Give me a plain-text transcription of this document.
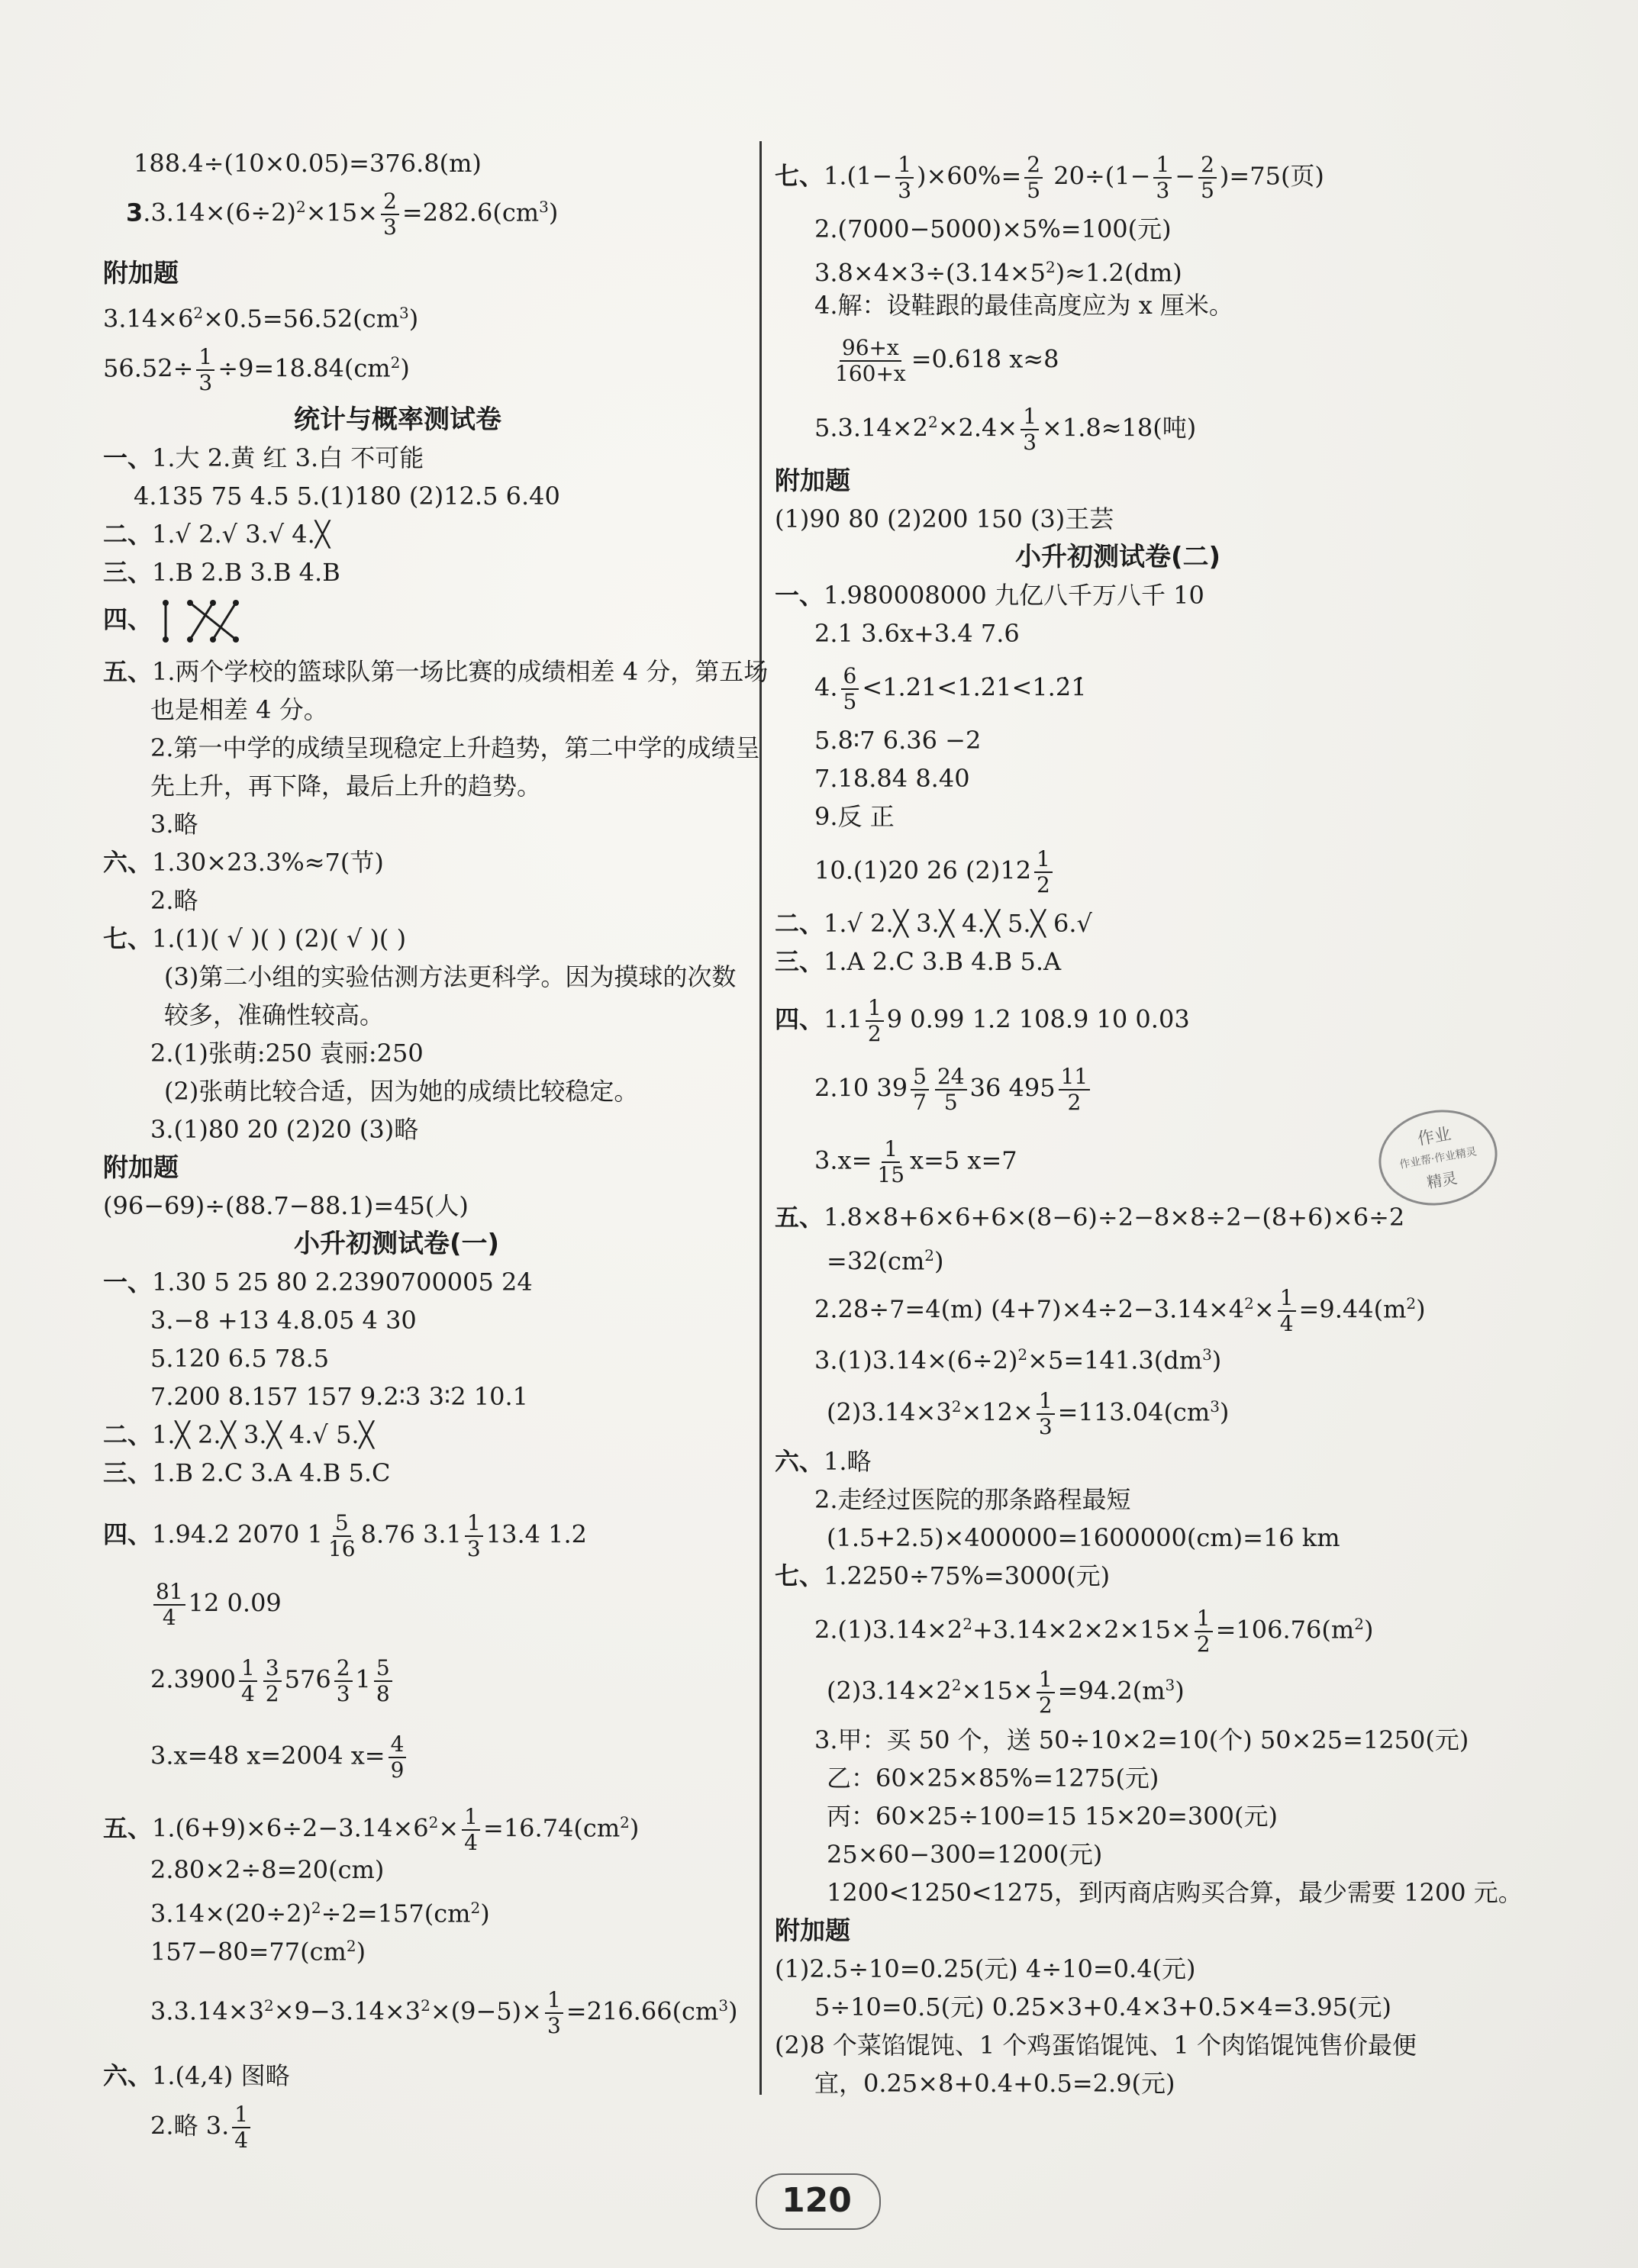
188.4÷(10×0.05)=376.8(m)
$3.3.14\times(6\div 2)^2\times 15\times \frac{2}{3} =282.6(cm^3)$
附加题
$3.14\times 6^2\times 0.5=56.52(cm^3)$
$56.52\div \frac{1}{3} \div 9=18.84(cm^2)$
统计与概率测试卷
一、1.大 2.黄 红 3.白 不可能
4.135 75 4.5 5.(1)180 (2)12.5 6.40
二、1.√ 2.√ 3.√ 4.╳
三、1.B 2.B 3.B 4.B
四、
五、1.两个学校的篮球队第一场比赛的成绩相差 4 分，第五场
也是相差 4 分。
2.第一中学的成绩呈现稳定上升趋势，第二中学的成绩呈
先上升，再下降，最后上升的趋势。
3.略
六、1.30×23.3%≈7(节)
2.略
七、1.(1)( √ )( ) (2)( √ )( )
(3)第二小组的实验估测方法更科学。因为摸球的次数
较多，准确性较高。
2.(1)张萌:250 袁丽:250
(2)张萌比较合适，因为她的成绩比较稳定。
3.(1)80 20 (2)20 (3)略
附加题
(96−69)÷(88.7−88.1)=45(人)
小升初测试卷(一)
一、1.30 5 25 80 2.2390700005 24
3.−8 +13 4.8.05 4 30
5.120 6.5 78.5
7.200 8.157 157 9.2∶3 3∶2 10.1
二、1.╳ 2.╳ 3.╳ 4.√ 5.╳
三、1.B 2.C 3.A 4.B 5.C
四、1.94.2 2070 $1 \frac{5}{16} 8.76$ $3.1 \frac{1}{3} 13.4$ 1.2
$\frac{81}{4} 12$ 0.09
$2.3900 \frac{1}{4} \frac{3}{2} 576 \frac{2}{3} 1 \frac{5}{8}$
3.x=48 x=2004 $x= \frac{4}{9}$
五、$1.(6+9)\times 6\div 2-3.14\times 6^2\times \frac{1}{4} =16.74(cm^2)$
2.80×2÷8=20(cm)
$3.14\times(20\div 2)^2\div 2=157(cm^2)$
$157-80=77(cm^2)$
$3.3.14\times 3^2\times 9-3.14\times 3^2\times(9-5)\times \frac{1}{3} =216.66(cm^3)$
六、1.(4,4) 图略
2.略 3. $\frac{1}{4}$
七、$1.(1- \frac{1}{3} )\times 60\%= \frac{2}{5} 20\div(1- \frac{1}{3} - \frac{2}{5} )=75$(页)
2.(7000−5000)×5%=100(元)
$3.8\times 4\times 3\div(3.14\times 5^2)\approx 1.2(dm)$
4.解：设鞋跟的最佳高度应为 x 厘米。
$\frac{96+x}{160+x} =0.618$ x≈8
$5.3.14\times 2^2\times 2.4\times \frac{1}{3} \times 1.8\approx 18$(吨)
附加题
(1)90 80 (2)200 150 (3)王芸
小升初测试卷(二)
一、1.980008000 九亿八千万八千 10
2.1 3.6x+3.4 7.6
4. $\frac{6}{5}$ <1.21<1.2̇1<1.2̇1̇
5.8∶7 6.36 −2
7.18.84 8.40
9.反 正
10.(1)20 26 $(2)12 \frac{1}{2}$
二、1.√ 2.╳ 3.╳ 4.╳ 5.╳ 6.√
三、1.A 2.C 3.B 4.B 5.A
四、$1.1 \frac{1}{2} 9$ 0.99 1.2 108.9 10 0.03
2.10 $39 \frac{5}{7} \frac{24}{5} 36$ $495 \frac{11}{2}$
$3.x= \frac{1}{15} x=5$ x=7
五、1.8×8+6×6+6×(8−6)÷2−8×8÷2−(8+6)×6÷2
$=32(cm^2)$
2.28÷7=4(m) $(4+7)\times 4\div 2-3.14\times 4^2\times \frac{1}{4} =9.44(m^2)$
$3.(1)3.14\times(6\div 2)^2\times 5=141.3(dm^3)$
$(2)3.14\times 3^2\times 12\times \frac{1}{3} =113.04(cm^3)$
六、1.略
2.走经过医院的那条路程最短
(1.5+2.5)×400000=1600000(cm)=16 km
七、1.2250÷75%=3000(元)
$2.(1)3.14\times 2^2+3.14\times 2\times 2\times 15\times \frac{1}{2} =106.76(m^2)$
$(2)3.14\times 2^2\times 15\times \frac{1}{2} =94.2(m^3)$
3.甲：买 50 个，送 50÷10×2=10(个) 50×25=1250(元)
乙：60×25×85%=1275(元)
丙：60×25÷100=15 15×20=300(元)
25×60−300=1200(元)
1200<1250<1275，到丙商店购买合算，最少需要 1200 元。
附加题
(1)2.5÷10=0.25(元) 4÷10=0.4(元)
5÷10=0.5(元) 0.25×3+0.4×3+0.5×4=3.95(元)
(2)8 个菜馅馄饨、1 个鸡蛋馅馄饨、1 个肉馅馄饨售价最便
宜，0.25×8+0.4+0.5=2.9(元)
作业
作业帮·作业精灵
精灵
120
